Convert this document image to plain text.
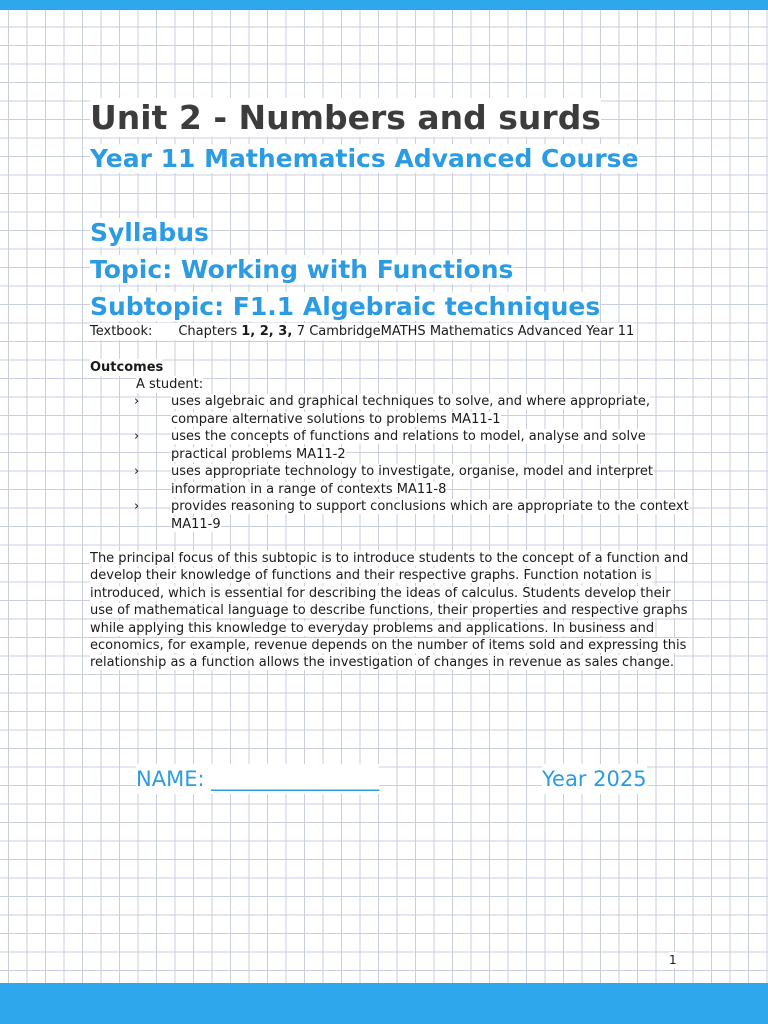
Unit 2 - Numbers and surds
Year 11 Mathematics Advanced Course
Syllabus
Topic: Working with Functions
Subtopic: F1.1 Algebraic techniques
Textbook: Chapters 1, 2, 3, 7 CambridgeMATHS Mathematics Advanced Year 11
Outcomes
A student:
› uses algebraic and graphical techniques to solve, and where appropriate, compare alternative solutions to problems MA11-1
› uses the concepts of functions and relations to model, analyse and solve practical problems MA11-2
› uses appropriate technology to investigate, organise, model and interpret information in a range of contexts MA11-8
› provides reasoning to support conclusions which are appropriate to the context MA11-9

The principal focus of this subtopic is to introduce students to the concept of a function and develop their knowledge of functions and their respective graphs. Function notation is introduced, which is essential for describing the ideas of calculus. Students develop their use of mathematical language to describe functions, their properties and respective graphs while applying this knowledge to everyday problems and applications. In business and economics, for example, revenue depends on the number of items sold and expressing this relationship as a function allows the investigation of changes in revenue as sales change.

NAME: ________________	Year 2025
1
